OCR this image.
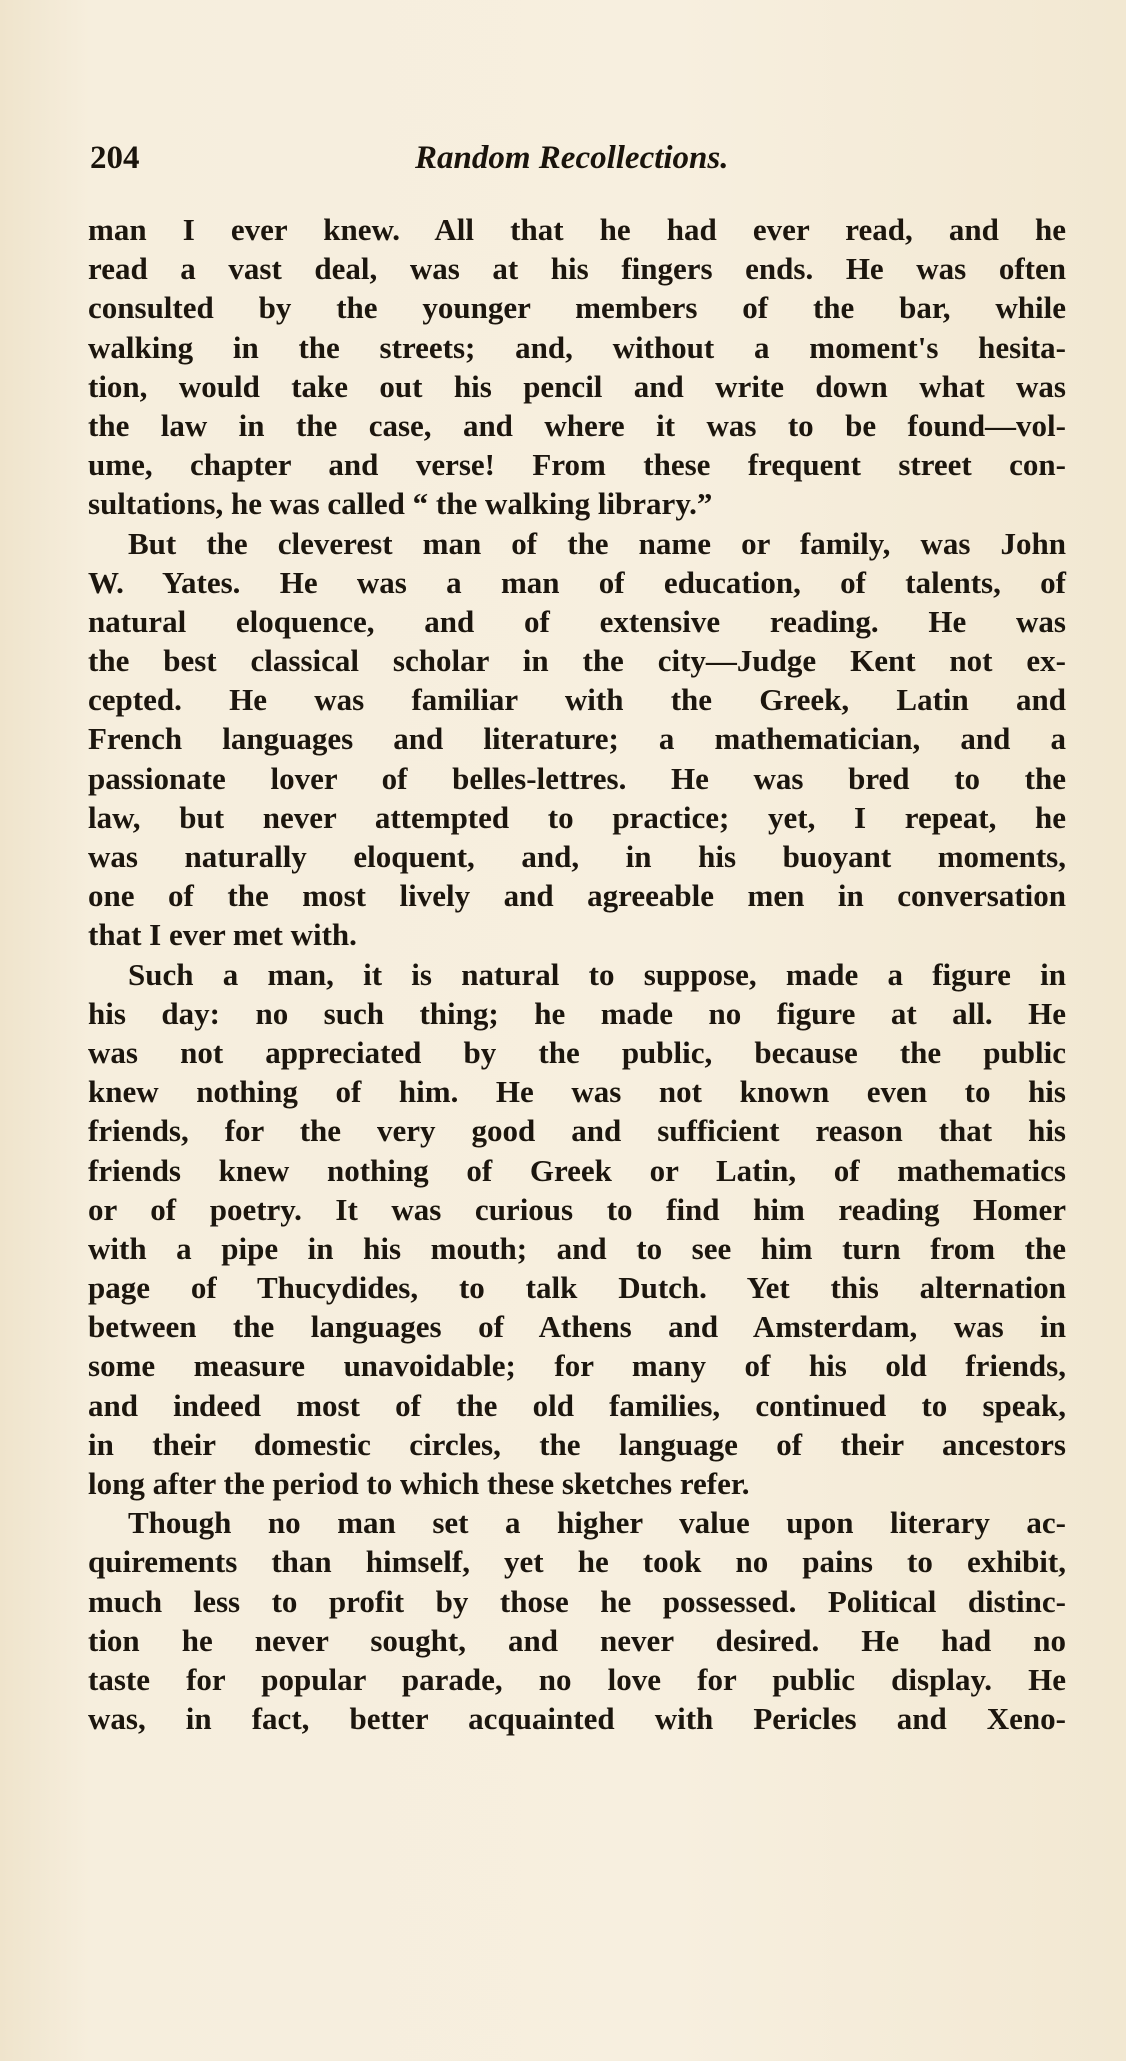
204	Random Recollections.
man I ever knew. All that he had ever read, and he
read a vast deal, was at his fingers ends. He was often
consulted by the younger members of the bar, while
walking in the streets; and, without a moment's hesita-
tion, would take out his pencil and write down what was
the law in the case, and where it was to be found—vol-
ume, chapter and verse! From these frequent street con-
sultations, he was called “ the walking library.”
But the cleverest man of the name or family, was John
W. Yates. He was a man of education, of talents, of
natural eloquence, and of extensive reading. He was
the best classical scholar in the city—Judge Kent not ex-
cepted. He was familiar with the Greek, Latin and
French languages and literature; a mathematician, and a
passionate lover of belles-lettres. He was bred to the
law, but never attempted to practice; yet, I repeat, he
was naturally eloquent, and, in his buoyant moments,
one of the most lively and agreeable men in conversation
that I ever met with.
Such a man, it is natural to suppose, made a figure in
his day: no such thing; he made no figure at all. He
was not appreciated by the public, because the public
knew nothing of him. He was not known even to his
friends, for the very good and sufficient reason that his
friends knew nothing of Greek or Latin, of mathematics
or of poetry. It was curious to find him reading Homer
with a pipe in his mouth; and to see him turn from the
page of Thucydides, to talk Dutch. Yet this alternation
between the languages of Athens and Amsterdam, was in
some measure unavoidable; for many of his old friends,
and indeed most of the old families, continued to speak,
in their domestic circles, the language of their ancestors
long after the period to which these sketches refer.
Though no man set a higher value upon literary ac-
quirements than himself, yet he took no pains to exhibit,
much less to profit by those he possessed. Political distinc-
tion he never sought, and never desired. He had no
taste for popular parade, no love for public display. He
was, in fact, better acquainted with Pericles and Xeno-
